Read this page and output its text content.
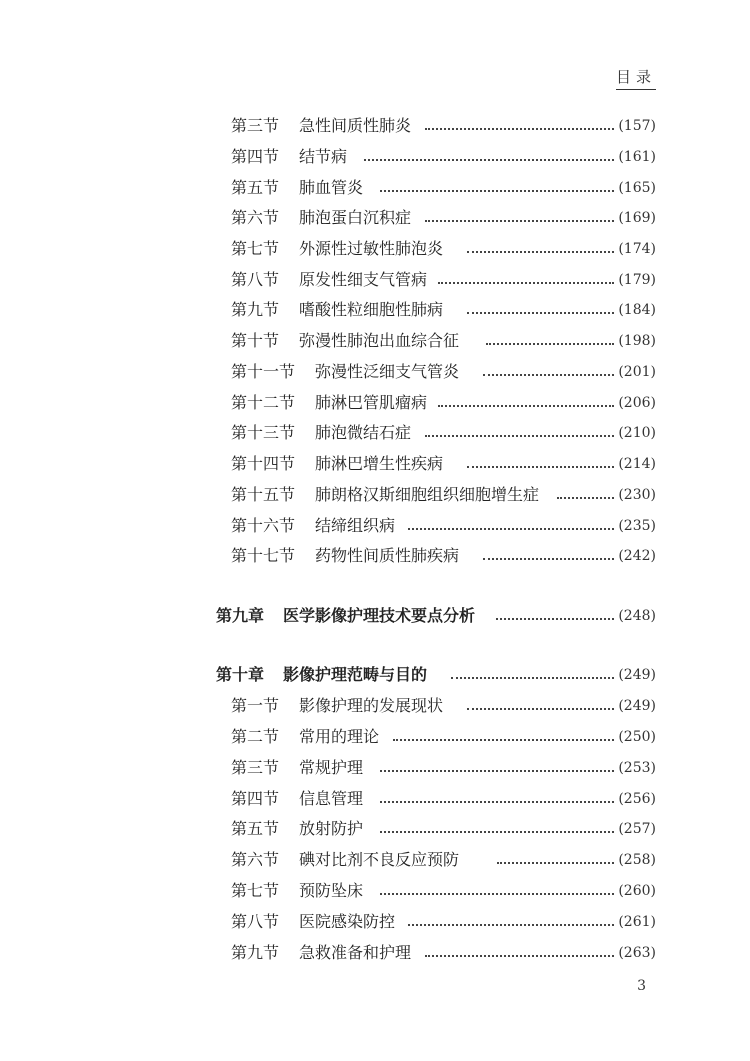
目录
第三节 急性间质性肺炎	(157)
第四节 结节病	(161)
第五节 肺血管炎	(165)
第六节 肺泡蛋白沉积症	(169)
第七节 外源性过敏性肺泡炎	(174)
第八节 原发性细支气管病	(179)
第九节 嗜酸性粒细胞性肺病	(184)
第十节 弥漫性肺泡出血综合征	(198)
第十一节 弥漫性泛细支气管炎	(201)
第十二节 肺淋巴管肌瘤病	(206)
第十三节 肺泡微结石症	(210)
第十四节 肺淋巴增生性疾病	(214)
第十五节 肺朗格汉斯细胞组织细胞增生症	(230)
第十六节 结缔组织病	(235)
第十七节 药物性间质性肺疾病	(242)
第九章 医学影像护理技术要点分析	(248)
第十章 影像护理范畴与目的	(249)
第一节 影像护理的发展现状	(249)
第二节 常用的理论	(250)
第三节 常规护理	(253)
第四节 信息管理	(256)
第五节 放射防护	(257)
第六节 碘对比剂不良反应预防	(258)
第七节 预防坠床	(260)
第八节 医院感染防控	(261)
第九节 急救准备和护理	(263)
3
